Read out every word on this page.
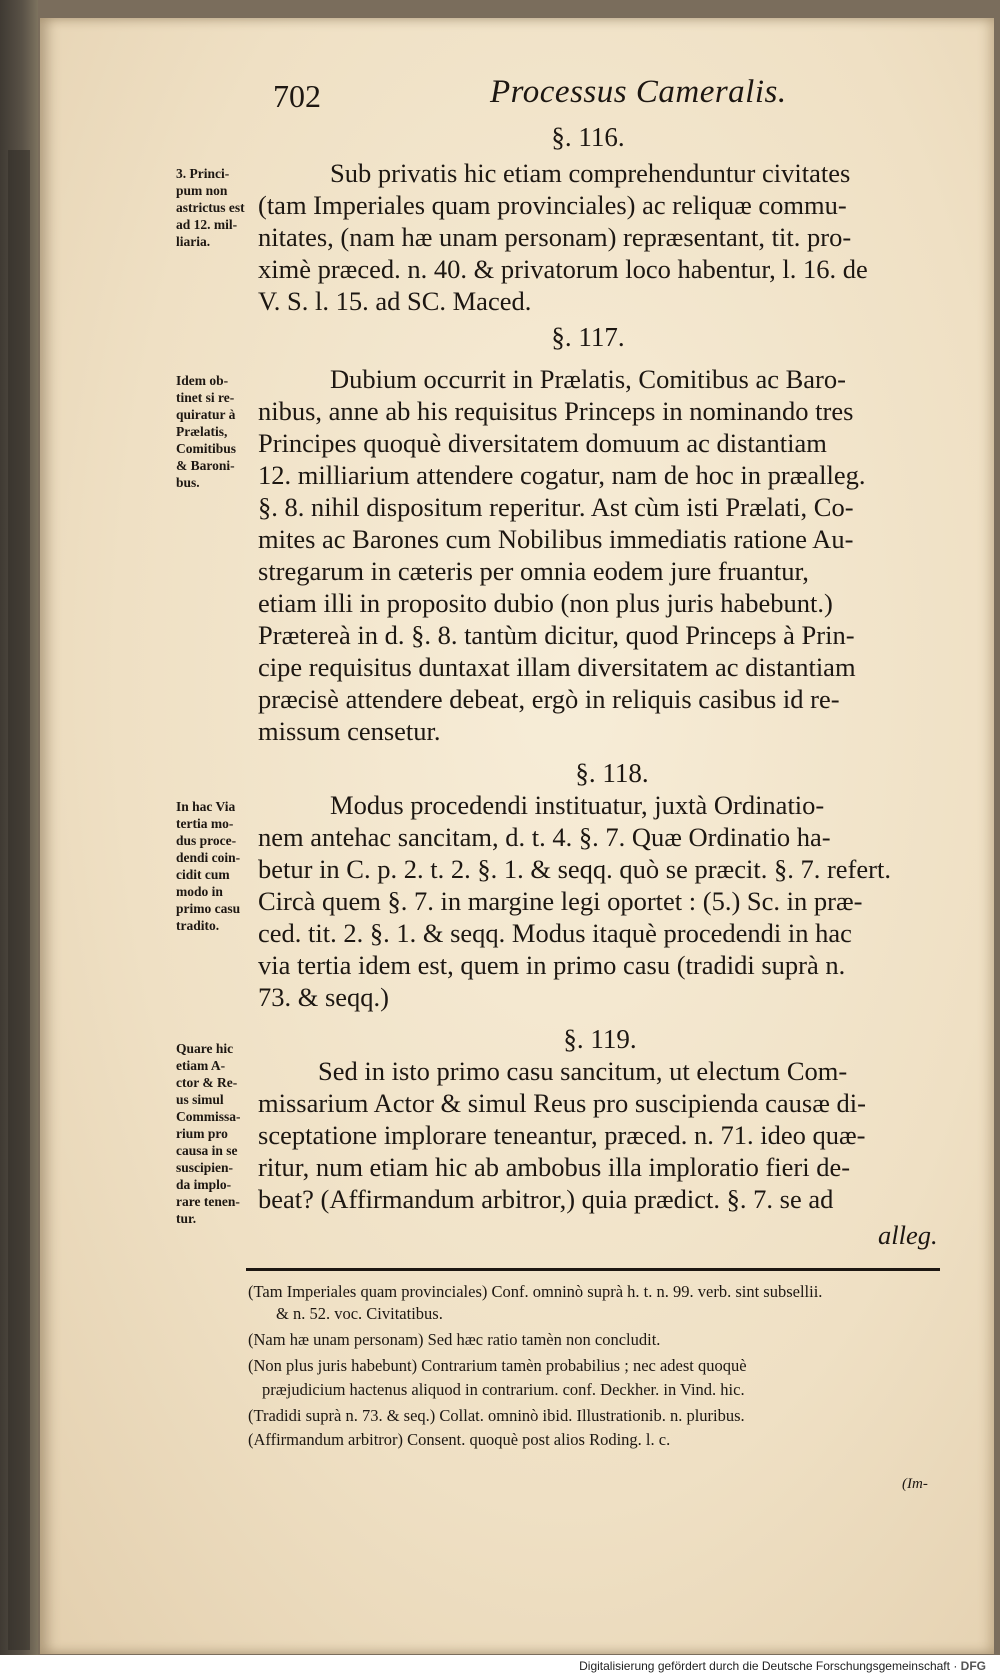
702	Processus Cameralis.
§. 116.
3. Princi-
pum non
astrictus est
ad 12. mil-
liaria.
Sub privatis hic etiam comprehenduntur civitates
(tam Imperiales quam provinciales) ac reliquæ commu-
nitates, (nam hæ unam personam) repræsentant, tit. pro-
ximè præced. n. 40. & privatorum loco habentur, l. 16. de
V. S. l. 15. ad SC. Maced.
§. 117.
Idem ob-
tinet si re-
quiratur à
Prælatis,
Comitibus
& Baroni-
bus.
Dubium occurrit in Prælatis, Comitibus ac Baro-
nibus, anne ab his requisitus Princeps in nominando tres
Principes quoquè diversitatem domuum ac distantiam
12. milliarium attendere cogatur, nam de hoc in præalleg.
§. 8. nihil dispositum reperitur. Ast cùm isti Prælati, Co-
mites ac Barones cum Nobilibus immediatis ratione Au-
stregarum in cæteris per omnia eodem jure fruantur,
etiam illi in proposito dubio (non plus juris habebunt.)
Prætereà in d. §. 8. tantùm dicitur, quod Princeps à Prin-
cipe requisitus duntaxat illam diversitatem ac distantiam
præcisè attendere debeat, ergò in reliquis casibus id re-
missum censetur.
§. 118.
In hac Via
tertia mo-
dus proce-
dendi coin-
cidit cum
modo in
primo casu
tradito.
Modus procedendi instituatur, juxtà Ordinatio-
nem antehac sancitam, d. t. 4. §. 7. Quæ Ordinatio ha-
betur in C. p. 2. t. 2. §. 1. & seqq. quò se præcit. §. 7. refert.
Circà quem §. 7. in margine legi oportet : (5.) Sc. in præ-
ced. tit. 2. §. 1. & seqq. Modus itaquè procedendi in hac
via tertia idem est, quem in primo casu (tradidi suprà n.
73. & seqq.)
§. 119.
Quare hic
etiam A-
ctor & Re-
us simul
Commissa-
rium pro
causa in se
suscipien-
da implo-
rare tenen-
tur.
Sed in isto primo casu sancitum, ut electum Com-
missarium Actor & simul Reus pro suscipienda causæ di-
sceptatione implorare teneantur, præced. n. 71. ideo quæ-
ritur, num etiam hic ab ambobus illa imploratio fieri de-
beat? (Affirmandum arbitror,) quia prædict. §. 7. se ad
alleg.
(Tam Imperiales quam provinciales) Conf. omninò suprà h. t. n. 99. verb. sint subsellii.
& n. 52. voc. Civitatibus.
(Nam hæ unam personam) Sed hæc ratio tamèn non concludit.
(Non plus juris habebunt) Contrarium tamèn probabilius ; nec adest quoquè
præjudicium hactenus aliquod in contrarium. conf. Deckher. in Vind. hic.
(Tradidi suprà n. 73. & seq.) Collat. omninò ibid. Illustrationib. n. pluribus.
(Affirmandum arbitror) Consent. quoquè post alios Roding. l. c.
(Im-
Digitalisierung gefördert durch die Deutsche Forschungsgemeinschaft · DFG
